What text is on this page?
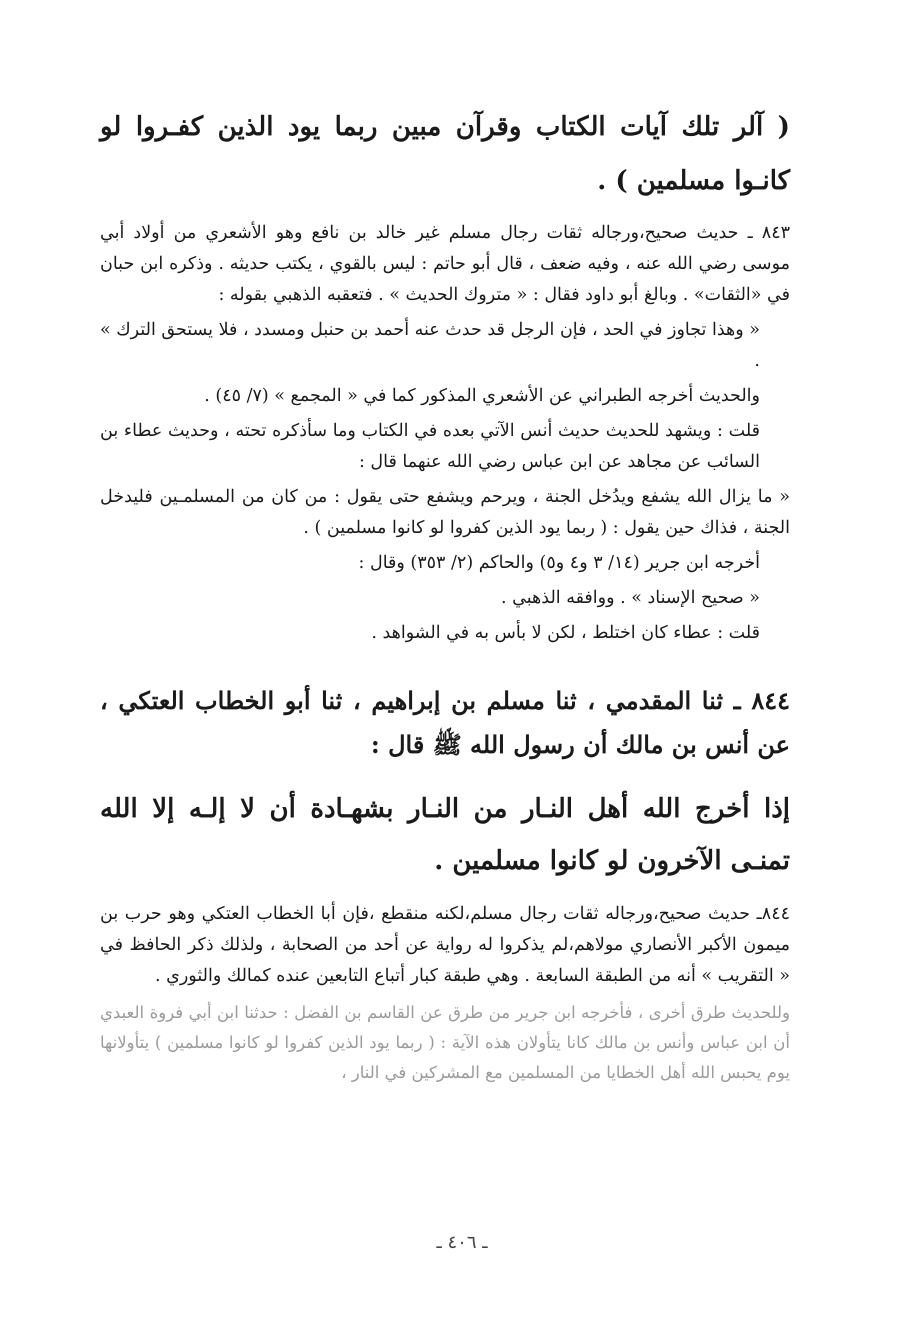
( آلر تلك آيات الكتاب وقرآن مبين ربما يود الذين كفـروا لو كانـوا مسلمين ) .

٨٤٣ ـ حديث صحيح،ورجاله ثقات رجال مسلم غير خالد بن نافع وهو الأشعري من أولاد أبي موسى رضي الله عنه ، وفيه ضعف ، قال أبو حاتم : ليس بالقوي ، يكتب حديثه . وذكره ابن حبان في «الثقات» . وبالغ أبو داود فقال : « متروك الحديث » . فتعقبه الذهبي بقوله :

« وهذا تجاوز في الحد ، فإن الرجل قد حدث عنه أحمد بن حنبل ومسدد ، فلا يستحق الترك » .

والحديث أخرجه الطبراني عن الأشعري المذكور كما في « المجمع » (٧/ ٤٥) .

قلت : ويشهد للحديث حديث أنس الآتي بعده في الكتاب وما سأذكره تحته ، وحديث عطاء بن السائب عن مجاهد عن ابن عباس رضي الله عنهما قال :

« ما يزال الله يشفع ويدُخل الجنة ، ويرحم ويشفع حتى يقول : من كان من المسلمـين فليدخل الجنة ، فذاك حين يقول : ( ربما يود الذين كفروا لو كانوا مسلمين ) .

أخرجه ابن جرير (١٤/ ٣ و٤ و٥) والحاكم (٢/ ٣٥٣) وقال :

« صحيح الإسناد » . ووافقه الذهبي .

قلت : عطاء كان اختلط ، لكن لا بأس به في الشواهد .

٨٤٤ ـ ثنا المقدمي ، ثنا مسلم بن إبراهيم ، ثنا أبو الخطاب العتكي ، عن أنس بن مالك أن رسول الله ﷺ قال :

إذا أخرج الله أهل النـار من النـار بشهـادة أن لا إلـه إلا الله تمنـى الآخرون لو كانوا مسلمين .

٨٤٤ـ حديث صحيح،ورجاله ثقات رجال مسلم،لكنه منقطع ،فإن أبا الخطاب العتكي وهو حرب بن ميمون الأكبر الأنصاري مولاهم،لم يذكروا له رواية عن أحد من الصحابة ، ولذلك ذكر الحافظ في « التقريب » أنه من الطبقة السابعة . وهي طبقة كبار أتباع التابعين عنده كمالك والثوري .

وللحديث طرق أخرى ، فأخرجه ابن جرير من طرق عن القاسم بن الفضل : حدثنا ابن أبي فروة العبدي أن ابن عباس وأنس بن مالك كانا يتأولان هذه الآية : ( ربما يود الذين كفروا لو كانوا مسلمين ) يتأولانها يوم يحبس الله أهل الخطايا من المسلمين مع المشركين في النار ،

ـ ٤٠٦ ـ
